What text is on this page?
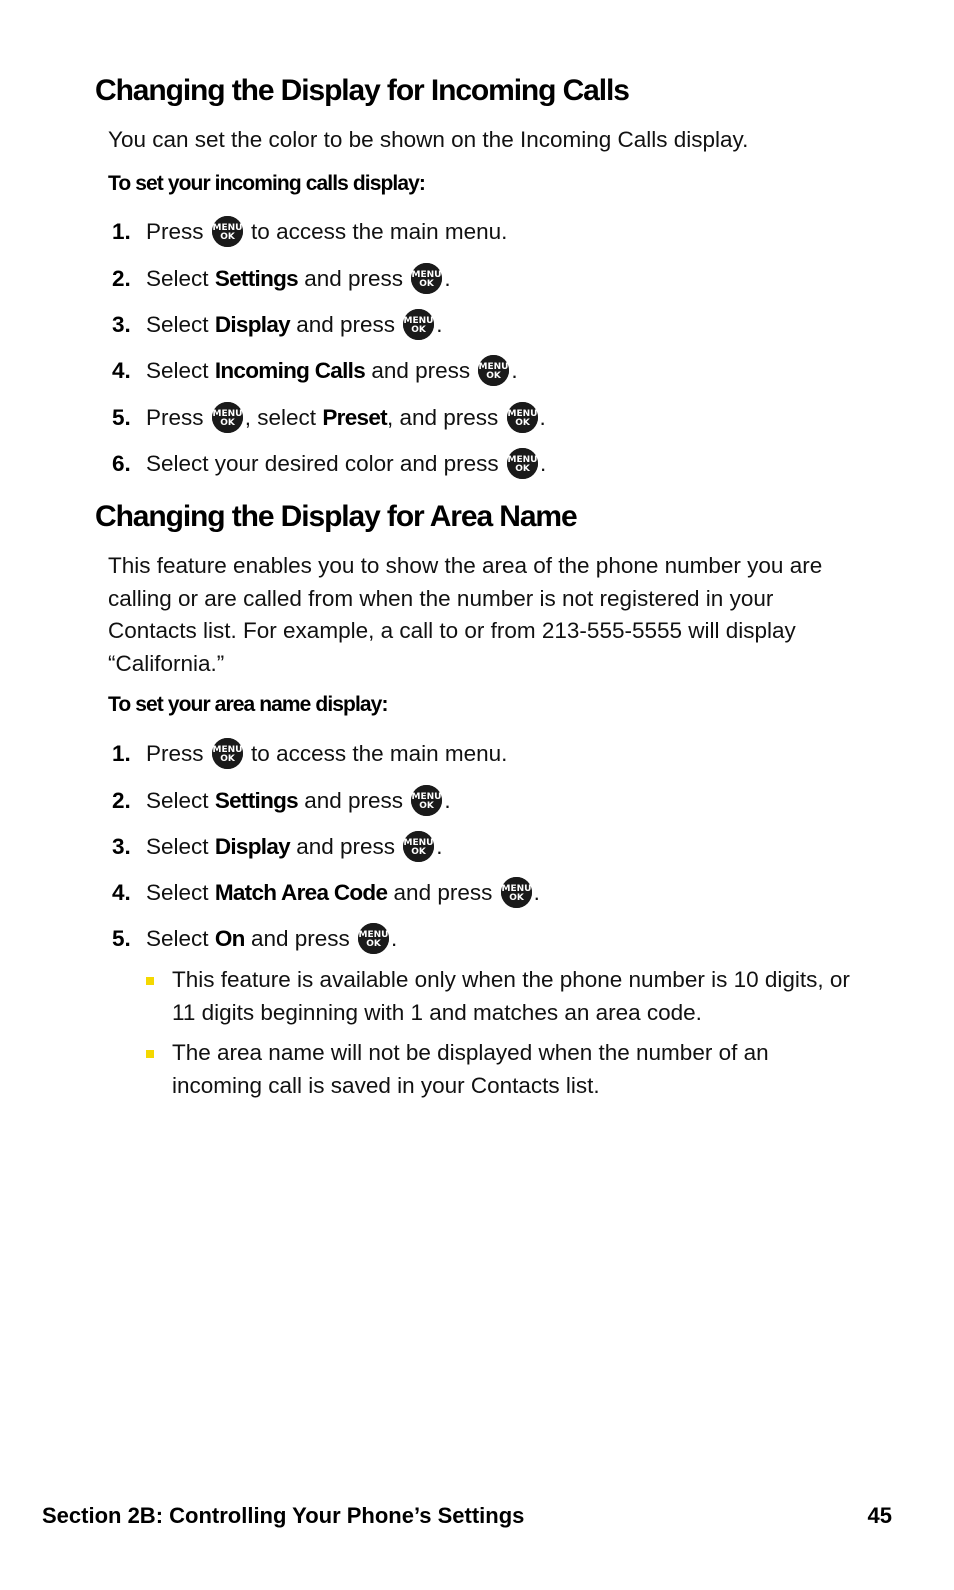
Changing the Display for Incoming Calls

You can set the color to be shown on the Incoming Calls display.

To set your incoming calls display:

1. Press to access the main menu.
2. Select Settings and press .
3. Select Display and press .
4. Select Incoming Calls and press .
5. Press , select Preset, and press .
6. Select your desired color and press .
Changing the Display for Area Name

This feature enables you to show the area of the phone number you are calling or are called from when the number is not registered in your Contacts list. For example, a call to or from 213-555-5555 will display “California.”

To set your area name display:

1. Press to access the main menu.
2. Select Settings and press .
3. Select Display and press .
4. Select Match Area Code and press .
5. Select On and press .
This feature is available only when the phone number is 10 digits, or 11 digits beginning with 1 and matches an area code.
The area name will not be displayed when the number of an incoming call is saved in your Contacts list.
Section 2B: Controlling Your Phone’s Settings	45
